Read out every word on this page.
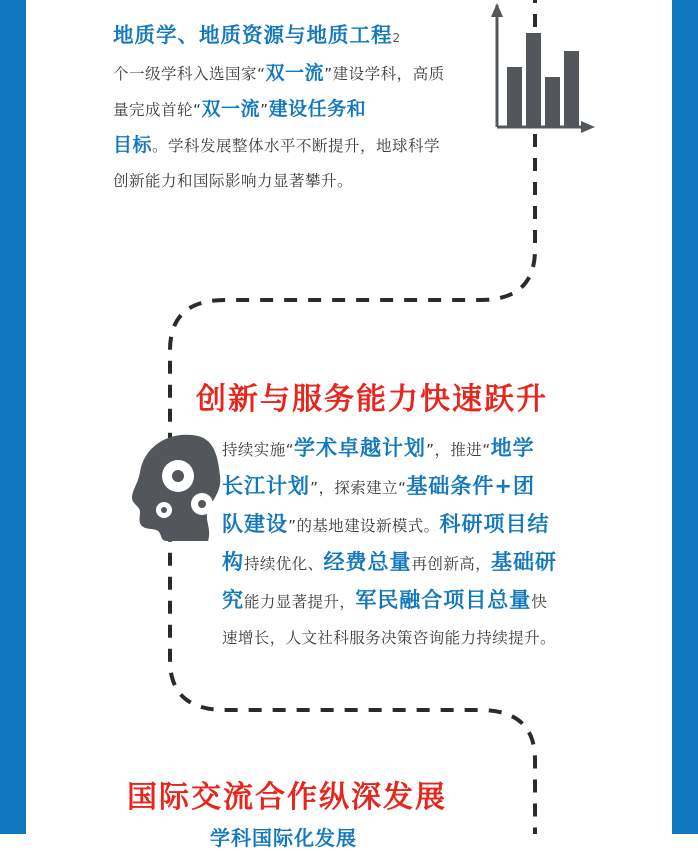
地质学、地质资源与地质工程2
个一级学科入选国家“双一流”建设学科，高质
量完成首轮“双一流”建设任务和
目标。学科发展整体水平不断提升，地球科学
创新能力和国际影响力显著攀升。
创新与服务能力快速跃升
持续实施“学术卓越计划”，推进“地学
长江计划”，探索建立“基础条件+团
队建设”的基地建设新模式。科研项目结
构持续优化、经费总量再创新高，基础研
究能力显著提升，军民融合项目总量快
速增长，人文社科服务决策咨询能力持续提升。
国际交流合作纵深发展
学科国际化发展
